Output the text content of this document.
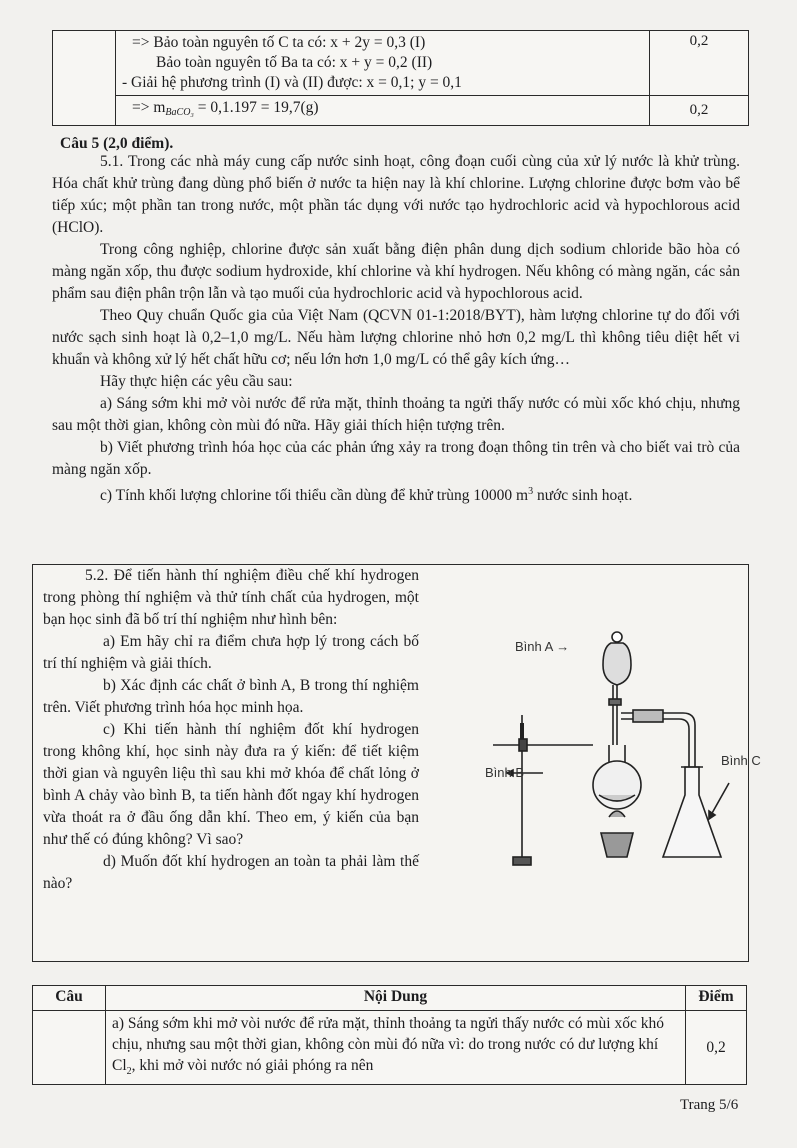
	=> Bảo toàn nguyên tố C ta có: x + 2y = 0,3 (I)
Bảo toàn nguyên tố Ba ta có: x + y = 0,2 (II)
- Giải hệ phương trình (I) và (II) được: x = 0,1; y = 0,1	0,2
	=> $m_{BaCO_3} = 0,1.197 = 19,7(g)$	0,2
Câu 5 (2,0 điểm).

5.1. Trong các nhà máy cung cấp nước sinh hoạt, công đoạn cuối cùng của xử lý nước là khử trùng. Hóa chất khử trùng đang dùng phổ biến ở nước ta hiện nay là khí chlorine. Lượng chlorine được bơm vào bể tiếp xúc; một phần tan trong nước, một phần tác dụng với nước tạo hydrochloric acid và hypochlorous acid (HClO).

Trong công nghiệp, chlorine được sản xuất bằng điện phân dung dịch sodium chloride bão hòa có màng ngăn xốp, thu được sodium hydroxide, khí chlorine và khí hydrogen. Nếu không có màng ngăn, các sản phẩm sau điện phân trộn lẫn và tạo muối của hydrochloric acid và hypochlorous acid.

Theo Quy chuẩn Quốc gia của Việt Nam (QCVN 01-1:2018/BYT), hàm lượng chlorine tự do đối với nước sạch sinh hoạt là 0,2–1,0 mg/L. Nếu hàm lượng chlorine nhỏ hơn 0,2 mg/L thì không tiêu diệt hết vi khuẩn và không xử lý hết chất hữu cơ; nếu lớn hơn 1,0 mg/L có thể gây kích ứng…

Hãy thực hiện các yêu cầu sau:

a) Sáng sớm khi mở vòi nước để rửa mặt, thỉnh thoảng ta ngửi thấy nước có mùi xốc khó chịu, nhưng sau một thời gian, không còn mùi đó nữa. Hãy giải thích hiện tượng trên.

b) Viết phương trình hóa học của các phản ứng xảy ra trong đoạn thông tin trên và cho biết vai trò của màng ngăn xốp.

c) Tính khối lượng chlorine tối thiểu cần dùng để khử trùng 10000 $m^3$ nước sinh hoạt.

5.2. Để tiến hành thí nghiệm điều chế khí hydrogen trong phòng thí nghiệm và thử tính chất của hydrogen, một bạn học sinh đã bố trí thí nghiệm như hình bên:

a) Em hãy chỉ ra điểm chưa hợp lý trong cách bố trí thí nghiệm và giải thích.

b) Xác định các chất ở bình A, B trong thí nghiệm trên. Viết phương trình hóa học minh họa.

c) Khi tiến hành thí nghiệm đốt khí hydrogen trong không khí, học sinh này đưa ra ý kiến: để tiết kiệm thời gian và nguyên liệu thì sau khi mở khóa để chất lỏng ở bình A chảy vào bình B, ta tiến hành đốt ngay khí hydrogen vừa thoát ra ở đầu ống dẫn khí. Theo em, ý kiến của bạn như thế có đúng không? Vì sao?

d) Muốn đốt khí hydrogen an toàn ta phải làm thế nào?

Bình A →
Bình B
Bình C
Câu	Nội Dung	Điểm
	a) Sáng sớm khi mở vòi nước để rửa mặt, thỉnh thoảng ta ngửi thấy nước có mùi xốc khó chịu, nhưng sau một thời gian, không còn mùi đó nữa vì: do trong nước có dư lượng khí $Cl_2$, khi mở vòi nước nó giải phóng ra nên	0,2
Trang 5/6
